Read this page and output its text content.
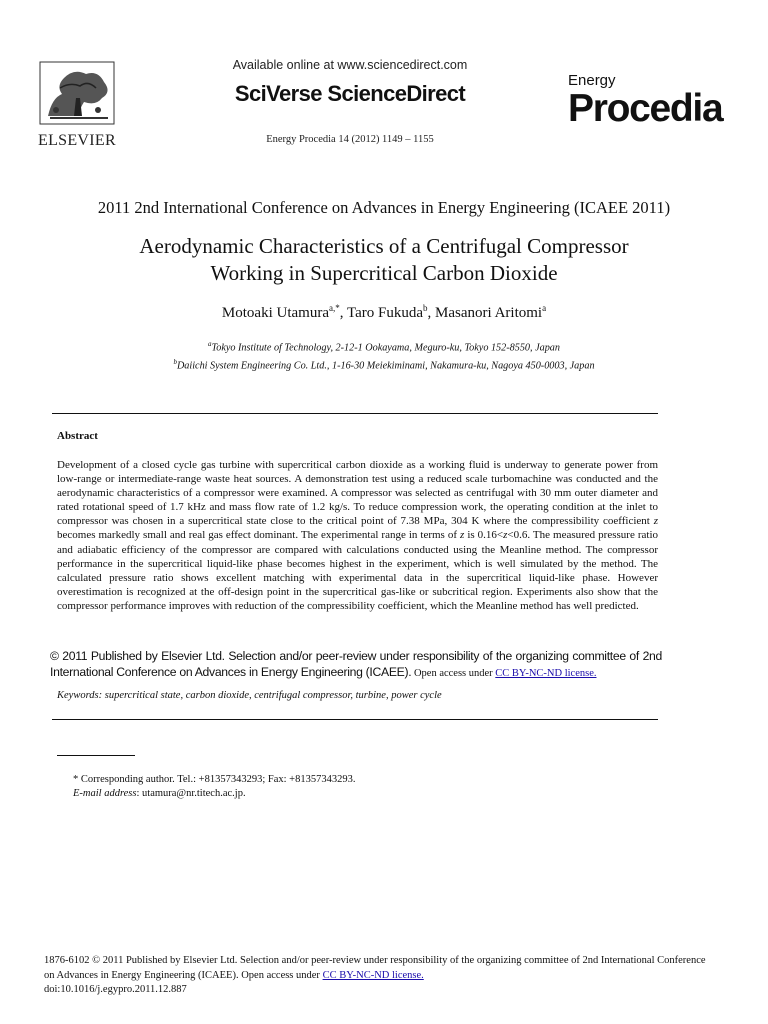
ELSEVIER
Available online at www.sciencedirect.com
SciVerse ScienceDirect
Energy Procedia 14 (2012) 1149 – 1155
Energy
Procedia
2011 2nd International Conference on Advances in Energy Engineering (ICAEE 2011)
Aerodynamic Characteristics of a Centrifugal Compressor
Working in Supercritical Carbon Dioxide
Motoaki Utamura$^{a,*}$, Taro Fukuda$^b$, Masanori Aritomi$^a$
$^a$Tokyo Institute of Technology, 2-12-1 Ookayama, Meguro-ku, Tokyo 152-8550, Japan
$^b$Daiichi System Engineering Co. Ltd., 1-16-30 Meiekiminami, Nakamura-ku, Nagoya 450-0003, Japan
Abstract
Development of a closed cycle gas turbine with supercritical carbon dioxide as a working fluid is underway to generate power from low-range or intermediate-range waste heat sources. A demonstration test using a reduced scale turbomachine was conducted and the aerodynamic characteristics of a compressor were examined. A compressor was selected as centrifugal with 30 mm outer diameter and rated rotational speed of 1.7 kHz and mass flow rate of 1.2 kg/s. To reduce compression work, the operating condition at the inlet to compressor was chosen in a supercritical state close to the critical point of 7.38 MPa, 304 K where the compressibility coefficient z becomes markedly small and real gas effect dominant. The experimental range in terms of z is 0.16<z<0.6. The measured pressure ratio and adiabatic efficiency of the compressor are compared with calculations conducted using the Meanline method. The compressor performance in the supercritical liquid-like phase becomes highest in the experiment, which is well simulated by the method. The calculated pressure ratio shows excellent matching with experimental data in the supercritical liquid-like phase. However overestimation is recognized at the off-design point in the supercritical gas-like or subcritical region. Experiments also show that the compressor performance improves with reduction of the compressibility coefficient, which the Meanline method has well predicted.
© 2011 Published by Elsevier Ltd. Selection and/or peer-review under responsibility of the organizing committee of 2nd International Conference on Advances in Energy Engineering (ICAEE). Open access under CC BY-NC-ND license.
Keywords: supercritical state, carbon dioxide, centrifugal compressor, turbine, power cycle
* Corresponding author. Tel.: +81357343293; Fax: +81357343293.
E-mail address: utamura@nr.titech.ac.jp.
1876-6102 © 2011 Published by Elsevier Ltd. Selection and/or peer-review under responsibility of the organizing committee of 2nd International Conference on Advances in Energy Engineering (ICAEE). Open access under CC BY-NC-ND license.
doi:10.1016/j.egypro.2011.12.887
